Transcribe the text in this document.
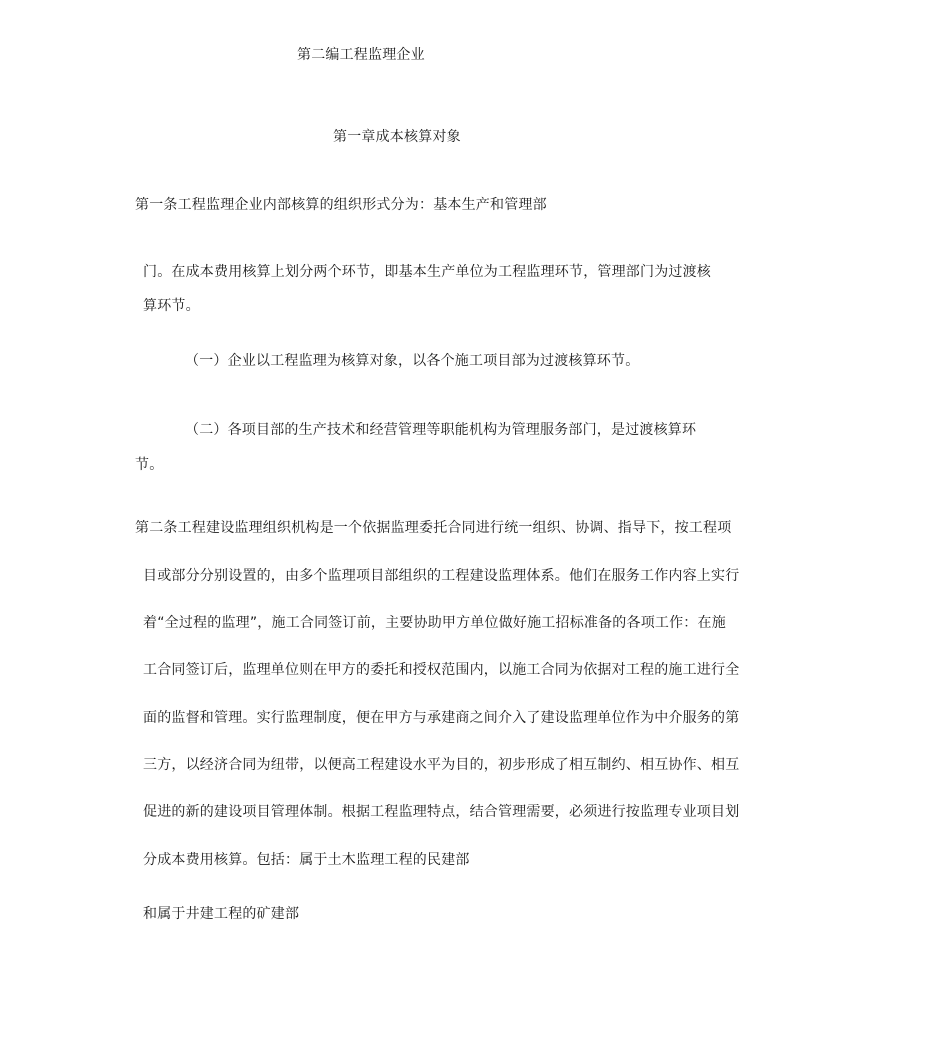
第二编工程监理企业
第一章成本核算对象
第一条工程监理企业内部核算的组织形式分为：基本生产和管理部
门。在成本费用核算上划分两个环节，即基本生产单位为工程监理环节，管理部门为过渡核
算环节。
（一）企业以工程监理为核算对象，以各个施工项目部为过渡核算环节。
（二）各项目部的生产技术和经营管理等职能机构为管理服务部门，是过渡核算环
节。
第二条工程建设监理组织机构是一个依据监理委托合同进行统一组织、协调、指导下，按工程项
目或部分分别设置的，由多个监理项目部组织的工程建设监理体系。他们在服务工作内容上实行
着“全过程的监理”，施工合同签订前，主要协助甲方单位做好施工招标准备的各项工作：在施
工合同签订后，监理单位则在甲方的委托和授权范围内，以施工合同为依据对工程的施工进行全
面的监督和管理。实行监理制度，便在甲方与承建商之间介入了建设监理单位作为中介服务的第
三方，以经济合同为纽带，以便高工程建设水平为目的，初步形成了相互制约、相互协作、相互
促进的新的建设项目管理体制。根据工程监理特点，结合管理需要，必须进行按监理专业项目划
分成本费用核算。包括：属于土木监理工程的民建部
和属于井建工程的矿建部
